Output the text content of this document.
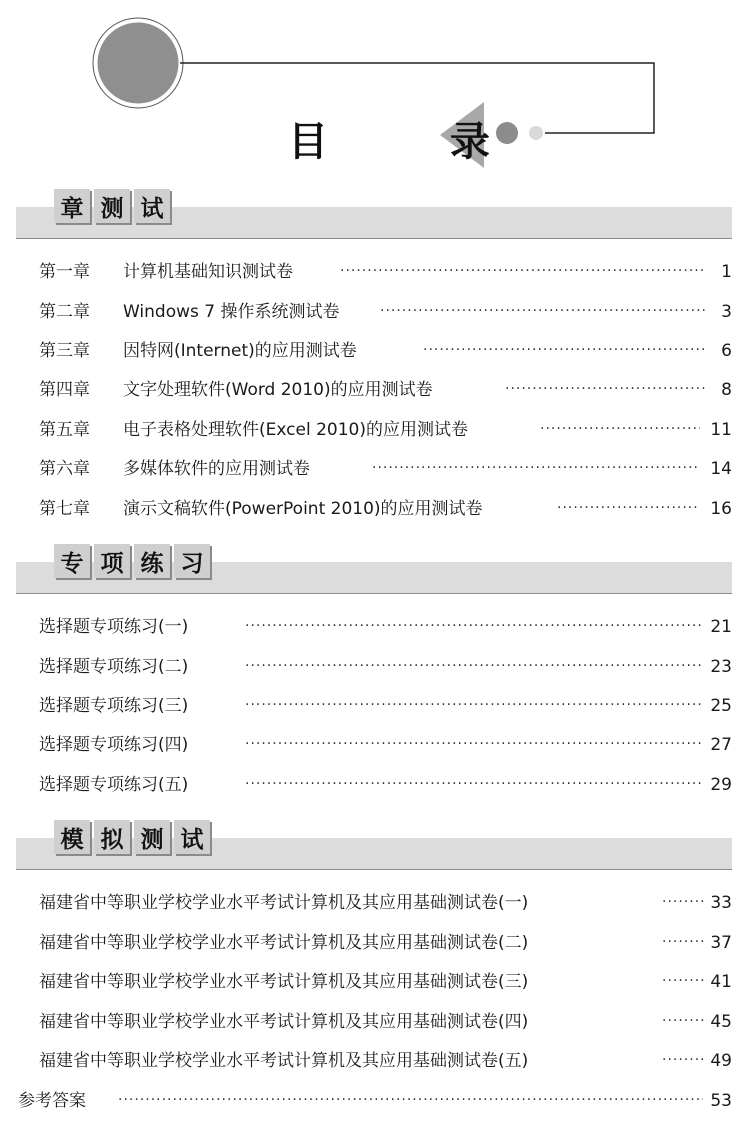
目 录
章 测 试
第一章 计算机基础知识测试卷 ·····	1
第二章 Windows 7 操作系统测试卷 ·····	3
第三章 因特网(Internet)的应用测试卷 ·····	6
第四章 文字处理软件(Word 2010)的应用测试卷 ·····	8
第五章 电子表格处理软件(Excel 2010)的应用测试卷 ·····	11
第六章 多媒体软件的应用测试卷 ·····	14
第七章 演示文稿软件(PowerPoint 2010)的应用测试卷 ·····	16
专 项 练 习
选择题专项练习(一) ·····	21
选择题专项练习(二) ·····	23
选择题专项练习(三) ·····	25
选择题专项练习(四) ·····	27
选择题专项练习(五) ·····	29
模 拟 测 试
福建省中等职业学校学业水平考试计算机及其应用基础测试卷(一) ·····	33
福建省中等职业学校学业水平考试计算机及其应用基础测试卷(二) ·····	37
福建省中等职业学校学业水平考试计算机及其应用基础测试卷(三) ·····	41
福建省中等职业学校学业水平考试计算机及其应用基础测试卷(四) ·····	45
福建省中等职业学校学业水平考试计算机及其应用基础测试卷(五) ·····	49
参考答案 ·····	53
